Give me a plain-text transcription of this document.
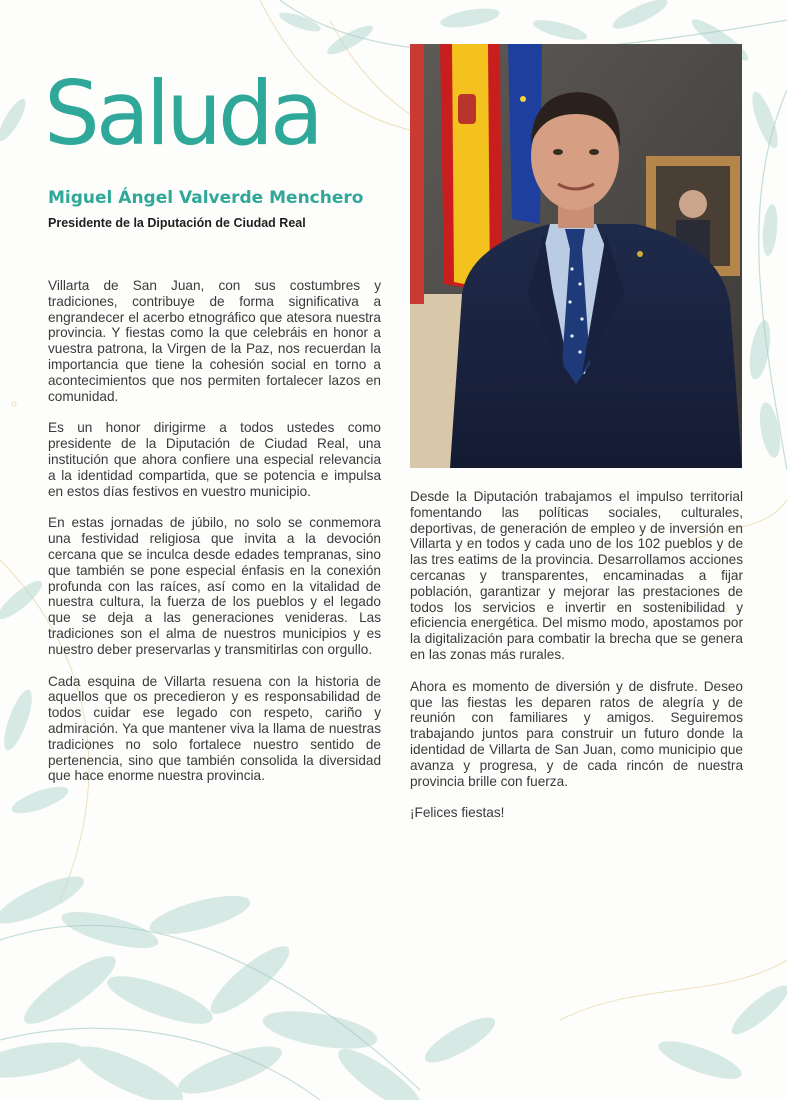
Saluda
Miguel Ángel Valverde Menchero
Presidente de la Diputación de Ciudad Real

Villarta de San Juan, con sus costumbres y tradiciones, contribuye de forma significativa a engrandecer el acerbo etnográfico que atesora nuestra provincia. Y fiestas como la que celebráis en honor a vuestra patrona, la Virgen de la Paz, nos recuerdan la importancia que tiene la cohesión social en torno a acontecimientos que nos permiten fortalecer lazos en comunidad.

Es un honor dirigirme a todos ustedes como presidente de la Diputación de Ciudad Real, una institución que ahora confiere una especial relevancia a la identidad compartida, que se potencia e impulsa en estos días festivos en vuestro municipio.

En estas jornadas de júbilo, no solo se conmemora una festividad religiosa que invita a la devoción cercana que se inculca desde edades tempranas, sino que también se pone especial énfasis en la conexión profunda con las raíces, así como en la vitalidad de nuestra cultura, la fuerza de los pueblos y el legado que se deja a las generaciones venideras. Las tradiciones son el alma de nuestros municipios y es nuestro deber preservarlas y transmitirlas con orgullo.

Cada esquina de Villarta resuena con la historia de aquellos que os precedieron y es responsabilidad de todos cuidar ese legado con respeto, cariño y admiración. Ya que mantener viva la llama de nuestras tradiciones no solo fortalece nuestro sentido de pertenencia, sino que también consolida la diversidad que hace enorme nuestra provincia.

Desde la Diputación trabajamos el impulso territorial fomentando las políticas sociales, culturales, deportivas, de generación de empleo y de inversión en Villarta y en todos y cada uno de los 102 pueblos y de las tres eatims de la provincia. Desarrollamos acciones cercanas y transparentes, encaminadas a fijar población, garantizar y mejorar las prestaciones de todos los servicios e invertir en sostenibilidad y eficiencia energética. Del mismo modo, apostamos por la digitalización para combatir la brecha que se genera en las zonas más rurales.

Ahora es momento de diversión y de disfrute. Deseo que las fiestas les deparen ratos de alegría y de reunión con familiares y amigos. Seguiremos trabajando juntos para construir un futuro donde la identidad de Villarta de San Juan, como municipio que avanza y progresa, y de cada rincón de nuestra provincia brille con fuerza.

¡Felices fiestas!
